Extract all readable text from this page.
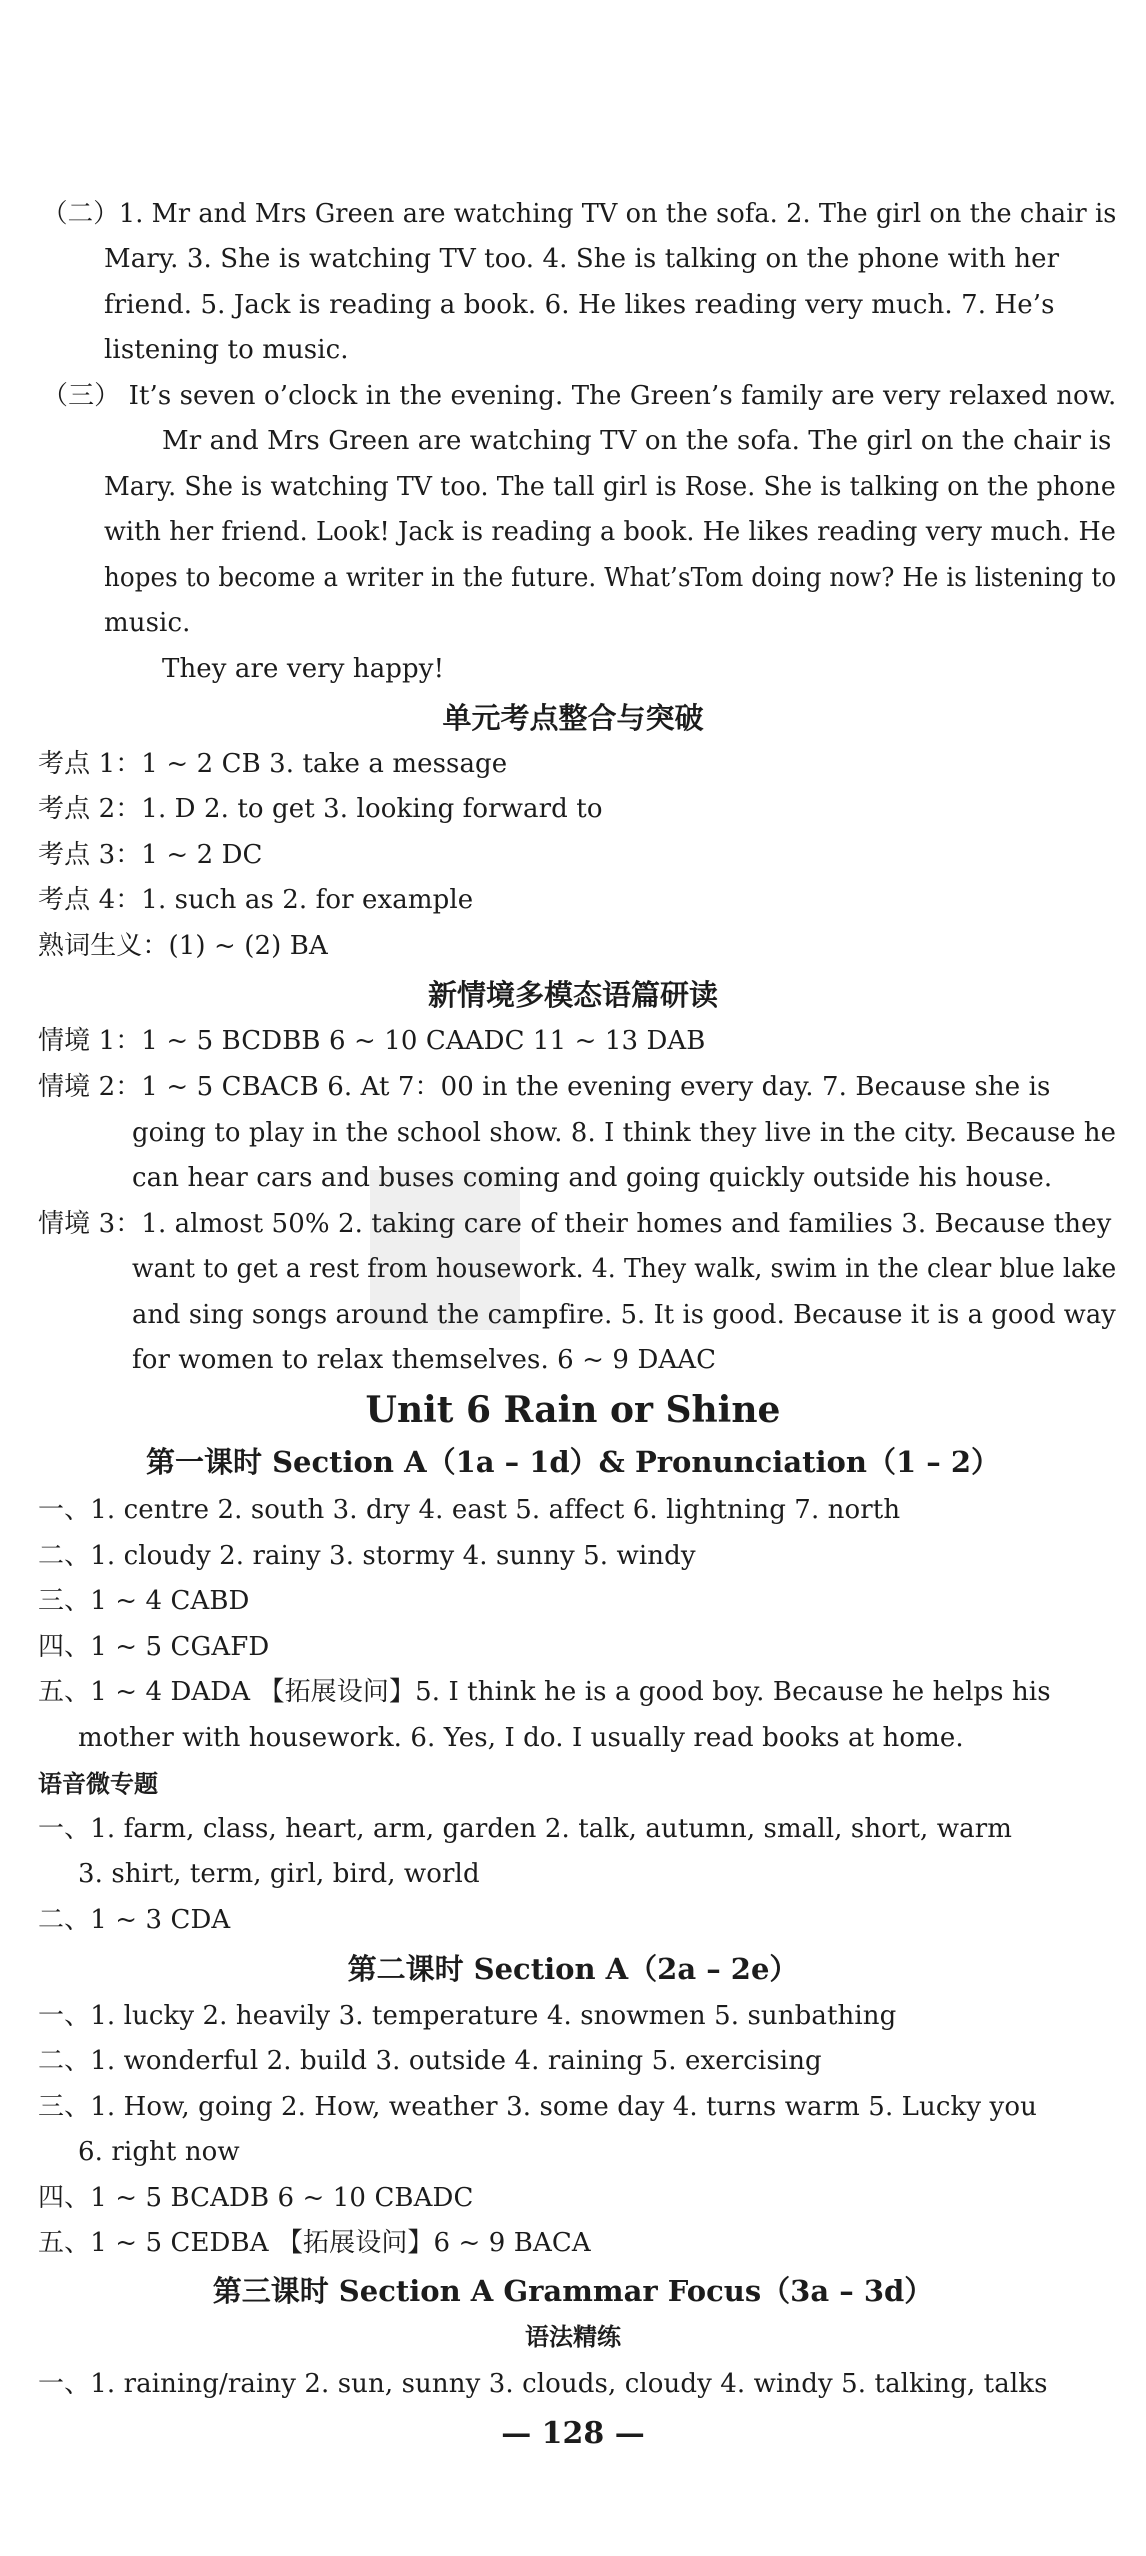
（二）1. Mr and Mrs Green are watching TV on the sofa. 2. The girl on the chair is
Mary. 3. She is watching TV too. 4. She is talking on the phone with her
friend. 5. Jack is reading a book. 6. He likes reading very much. 7. He’s
listening to music.
（三） It’s seven o’clock in the evening. The Green’s family are very relaxed now.
Mr and Mrs Green are watching TV on the sofa. The girl on the chair is
Mary. She is watching TV too. The tall girl is Rose. She is talking on the phone
with her friend. Look! Jack is reading a book. He likes reading very much. He
hopes to become a writer in the future. What’sTom doing now? He is listening to
music.
They are very happy!
单元考点整合与突破
考点 1：1 ~ 2 CB 3. take a message
考点 2：1. D 2. to get 3. looking forward to
考点 3：1 ~ 2 DC
考点 4：1. such as 2. for example
熟词生义：(1) ~ (2) BA
新情境多模态语篇研读
情境 1：1 ~ 5 BCDBB 6 ~ 10 CAADC 11 ~ 13 DAB
情境 2：1 ~ 5 CBACB 6. At 7：00 in the evening every day. 7. Because she is
going to play in the school show. 8. I think they live in the city. Because he
can hear cars and buses coming and going quickly outside his house.
情境 3：1. almost 50% 2. taking care of their homes and families 3. Because they
want to get a rest from housework. 4. They walk, swim in the clear blue lake
and sing songs around the campfire. 5. It is good. Because it is a good way
for women to relax themselves. 6 ~ 9 DAAC
Unit 6 Rain or Shine
第一课时 Section A（1a – 1d）& Pronunciation（1 – 2）
一、1. centre 2. south 3. dry 4. east 5. affect 6. lightning 7. north
二、1. cloudy 2. rainy 3. stormy 4. sunny 5. windy
三、1 ~ 4 CABD
四、1 ~ 5 CGAFD
五、1 ~ 4 DADA 【拓展设问】5. I think he is a good boy. Because he helps his
mother with housework. 6. Yes, I do. I usually read books at home.
语音微专题
一、1. farm, class, heart, arm, garden 2. talk, autumn, small, short, warm
3. shirt, term, girl, bird, world
二、1 ~ 3 CDA
第二课时 Section A（2a – 2e）
一、1. lucky 2. heavily 3. temperature 4. snowmen 5. sunbathing
二、1. wonderful 2. build 3. outside 4. raining 5. exercising
三、1. How, going 2. How, weather 3. some day 4. turns warm 5. Lucky you
6. right now
四、1 ~ 5 BCADB 6 ~ 10 CBADC
五、1 ~ 5 CEDBA 【拓展设问】6 ~ 9 BACA
第三课时 Section A Grammar Focus（3a – 3d）
语法精练
一、1. raining/rainy 2. sun, sunny 3. clouds, cloudy 4. windy 5. talking, talks
— 128 —
